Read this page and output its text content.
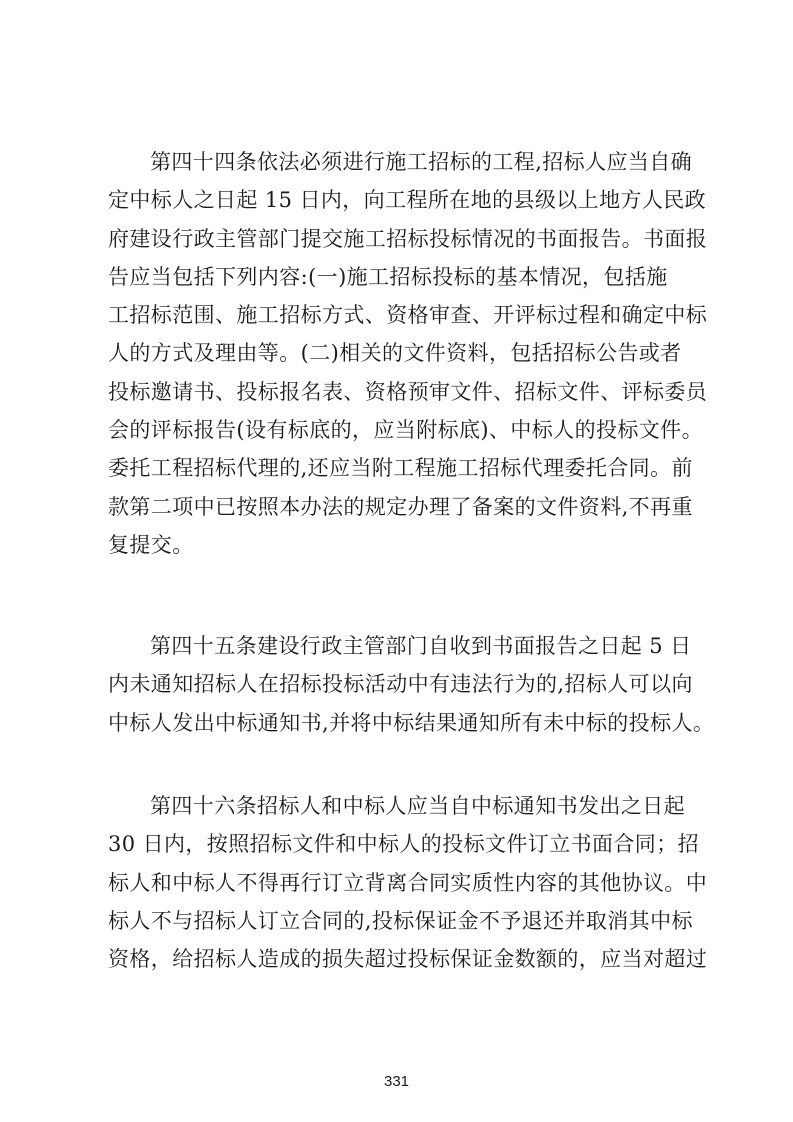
第四十四条依法必须进行施工招标的工程,招标人应当自确
定中标人之日起 15 日内，向工程所在地的县级以上地方人民政
府建设行政主管部门提交施工招标投标情况的书面报告。书面报
告应当包括下列内容:(一)施工招标投标的基本情况，包括施
工招标范围、施工招标方式、资格审查、开评标过程和确定中标
人的方式及理由等。(二)相关的文件资料，包括招标公告或者
投标邀请书、投标报名表、资格预审文件、招标文件、评标委员
会的评标报告(设有标底的，应当附标底)、中标人的投标文件。
委托工程招标代理的,还应当附工程施工招标代理委托合同。前
款第二项中已按照本办法的规定办理了备案的文件资料,不再重
复提交。
第四十五条建设行政主管部门自收到书面报告之日起 5 日
内未通知招标人在招标投标活动中有违法行为的,招标人可以向
中标人发出中标通知书,并将中标结果通知所有未中标的投标人。
第四十六条招标人和中标人应当自中标通知书发出之日起
30 日内，按照招标文件和中标人的投标文件订立书面合同；招
标人和中标人不得再行订立背离合同实质性内容的其他协议。中
标人不与招标人订立合同的,投标保证金不予退还并取消其中标
资格，给招标人造成的损失超过投标保证金数额的，应当对超过
331
